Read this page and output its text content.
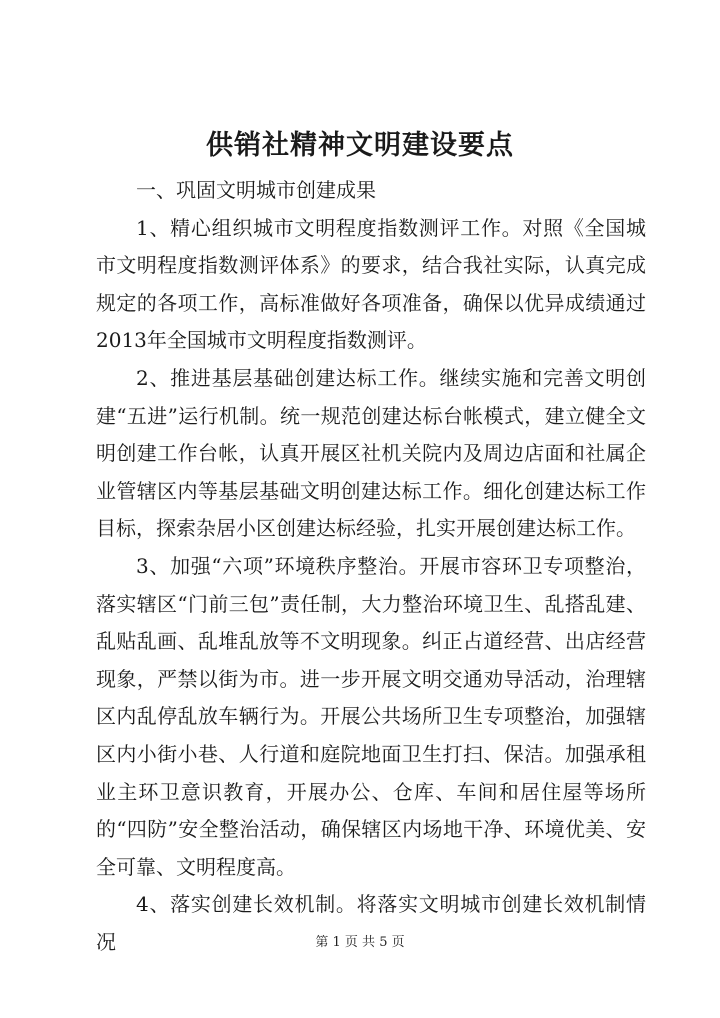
供销社精神文明建设要点

一、巩固文明城市创建成果

1、精心组织城市文明程度指数测评工作。对照《全国城市文明程度指数测评体系》的要求，结合我社实际，认真完成规定的各项工作，高标准做好各项准备，确保以优异成绩通过2013年全国城市文明程度指数测评。

2、推进基层基础创建达标工作。继续实施和完善文明创建“五进”运行机制。统一规范创建达标台帐模式，建立健全文明创建工作台帐，认真开展区社机关院内及周边店面和社属企业管辖区内等基层基础文明创建达标工作。细化创建达标工作目标，探索杂居小区创建达标经验，扎实开展创建达标工作。

3、加强“六项”环境秩序整治。开展市容环卫专项整治，落实辖区“门前三包”责任制，大力整治环境卫生、乱搭乱建、乱贴乱画、乱堆乱放等不文明现象。纠正占道经营、出店经营现象，严禁以街为市。进一步开展文明交通劝导活动，治理辖区内乱停乱放车辆行为。开展公共场所卫生专项整治，加强辖区内小街小巷、人行道和庭院地面卫生打扫、保洁。加强承租业主环卫意识教育，开展办公、仓库、车间和居住屋等场所的“四防”安全整治活动，确保辖区内场地干净、环境优美、安全可靠、文明程度高。

4、落实创建长效机制。将落实文明城市创建长效机制情况	第 1 页 共 5 页
